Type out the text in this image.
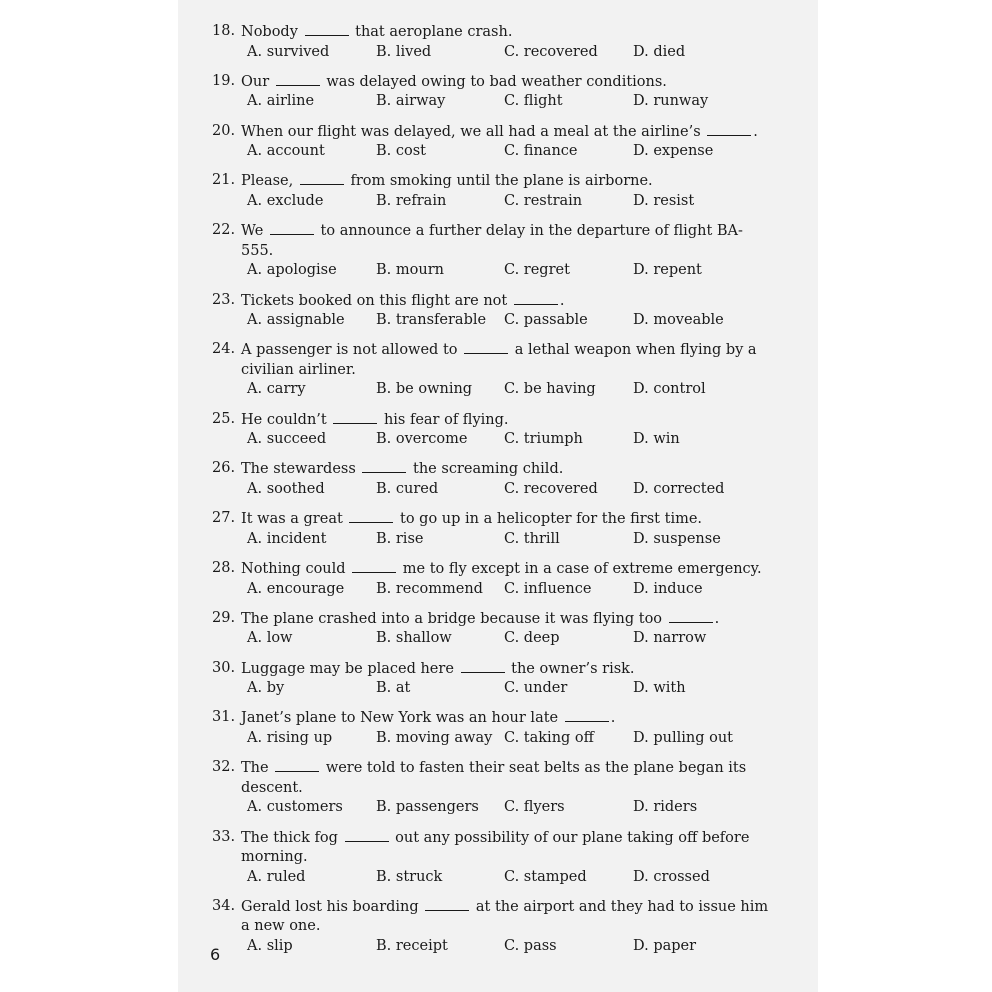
18. Nobody	that aeroplane crash.
A. survived	B. lived	C. recovered	D. died
19. Our	was delayed owing to bad weather conditions.
A. airline	B. airway	C. flight	D. runway
20. When our flight was delayed, we all had a meal at the airline’s	.
A. account	B. cost	C. finance	D. expense
21. Please,	from smoking until the plane is airborne.
A. exclude	B. refrain	C. restrain	D. resist
22. We	to announce a further delay in the departure of flight BA-555.
A. apologise	B. mourn	C. regret	D. repent
23. Tickets booked on this flight are not	.
A. assignable	B. transferable	C. passable	D. moveable
24. A passenger is not allowed to	a lethal weapon when flying by a civilian airliner.
A. carry	B. be owning	C. be having	D. control
25. He couldn’t	his fear of flying.
A. succeed	B. overcome	C. triumph	D. win
26. The stewardess	the screaming child.
A. soothed	B. cured	C. recovered	D. corrected
27. It was a great	to go up in a helicopter for the first time.
A. incident	B. rise	C. thrill	D. suspense
28. Nothing could	me to fly except in a case of extreme emergency.
A. encourage	B. recommend	C. influence	D. induce
29. The plane crashed into a bridge because it was flying too	.
A. low	B. shallow	C. deep	D. narrow
30. Luggage may be placed here	the owner’s risk.
A. by	B. at	C. under	D. with
31. Janet’s plane to New York was an hour late	.
A. rising up	B. moving away C. taking off	D. pulling out
32. The	were told to fasten their seat belts as the plane began its descent.
A. customers	B. passengers	C. flyers	D. riders
33. The thick fog	out any possibility of our plane taking off before morning.
A. ruled	B. struck	C. stamped	D. crossed
34. Gerald lost his boarding	at the airport and they had to issue him a new one.
A. slip	B. receipt	C. pass	D. paper
6
